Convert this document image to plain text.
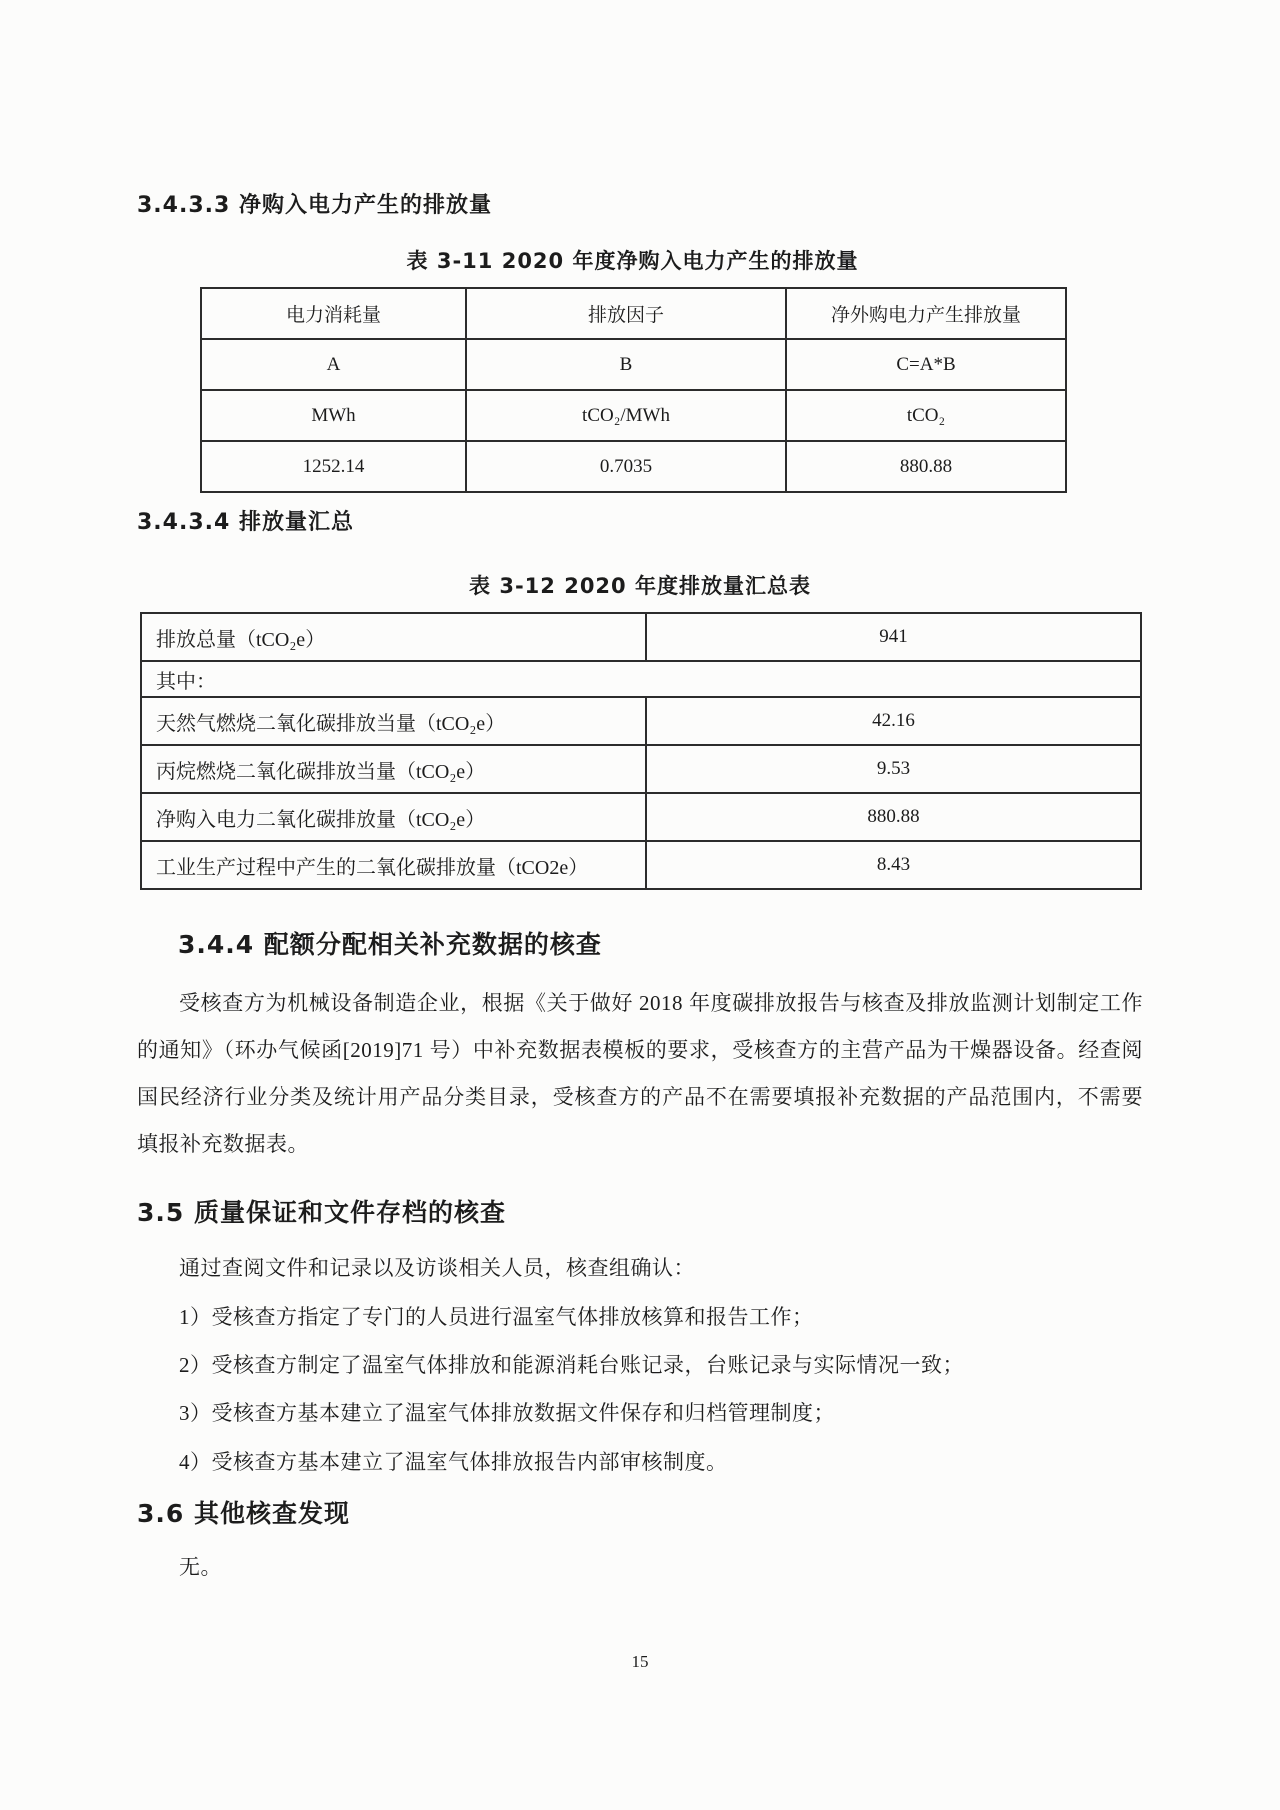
3.4.3.3 净购入电力产生的排放量
表 3-11 2020 年度净购入电力产生的排放量
电力消耗量	排放因子	净外购电力产生排放量
A	B	C=A*B
MWh	tCO₂/MWh	tCO₂
1252.14	0.7035	880.88
3.4.3.4 排放量汇总
表 3-12 2020 年度排放量汇总表
排放总量（tCO₂e）	941
其中：	
天然气燃烧二氧化碳排放当量（tCO₂e）	42.16
丙烷燃烧二氧化碳排放当量（tCO₂e）	9.53
净购入电力二氧化碳排放量（tCO₂e）	880.88
工业生产过程中产生的二氧化碳排放量（tCO2e）	8.43
3.4.4 配额分配相关补充数据的核查
受核查方为机械设备制造企业，根据《关于做好 2018 年度碳排放报告与核查及排放监测计划制定工作的通知》（环办气候函[2019]71 号）中补充数据表模板的要求，受核查方的主营产品为干燥器设备。经查阅国民经济行业分类及统计用产品分类目录，受核查方的产品不在需要填报补充数据的产品范围内，不需要填报补充数据表。
3.5 质量保证和文件存档的核查
通过查阅文件和记录以及访谈相关人员，核查组确认：
1）受核查方指定了专门的人员进行温室气体排放核算和报告工作；
2）受核查方制定了温室气体排放和能源消耗台账记录，台账记录与实际情况一致；
3）受核查方基本建立了温室气体排放数据文件保存和归档管理制度；
4）受核查方基本建立了温室气体排放报告内部审核制度。
3.6 其他核查发现
无。
15
